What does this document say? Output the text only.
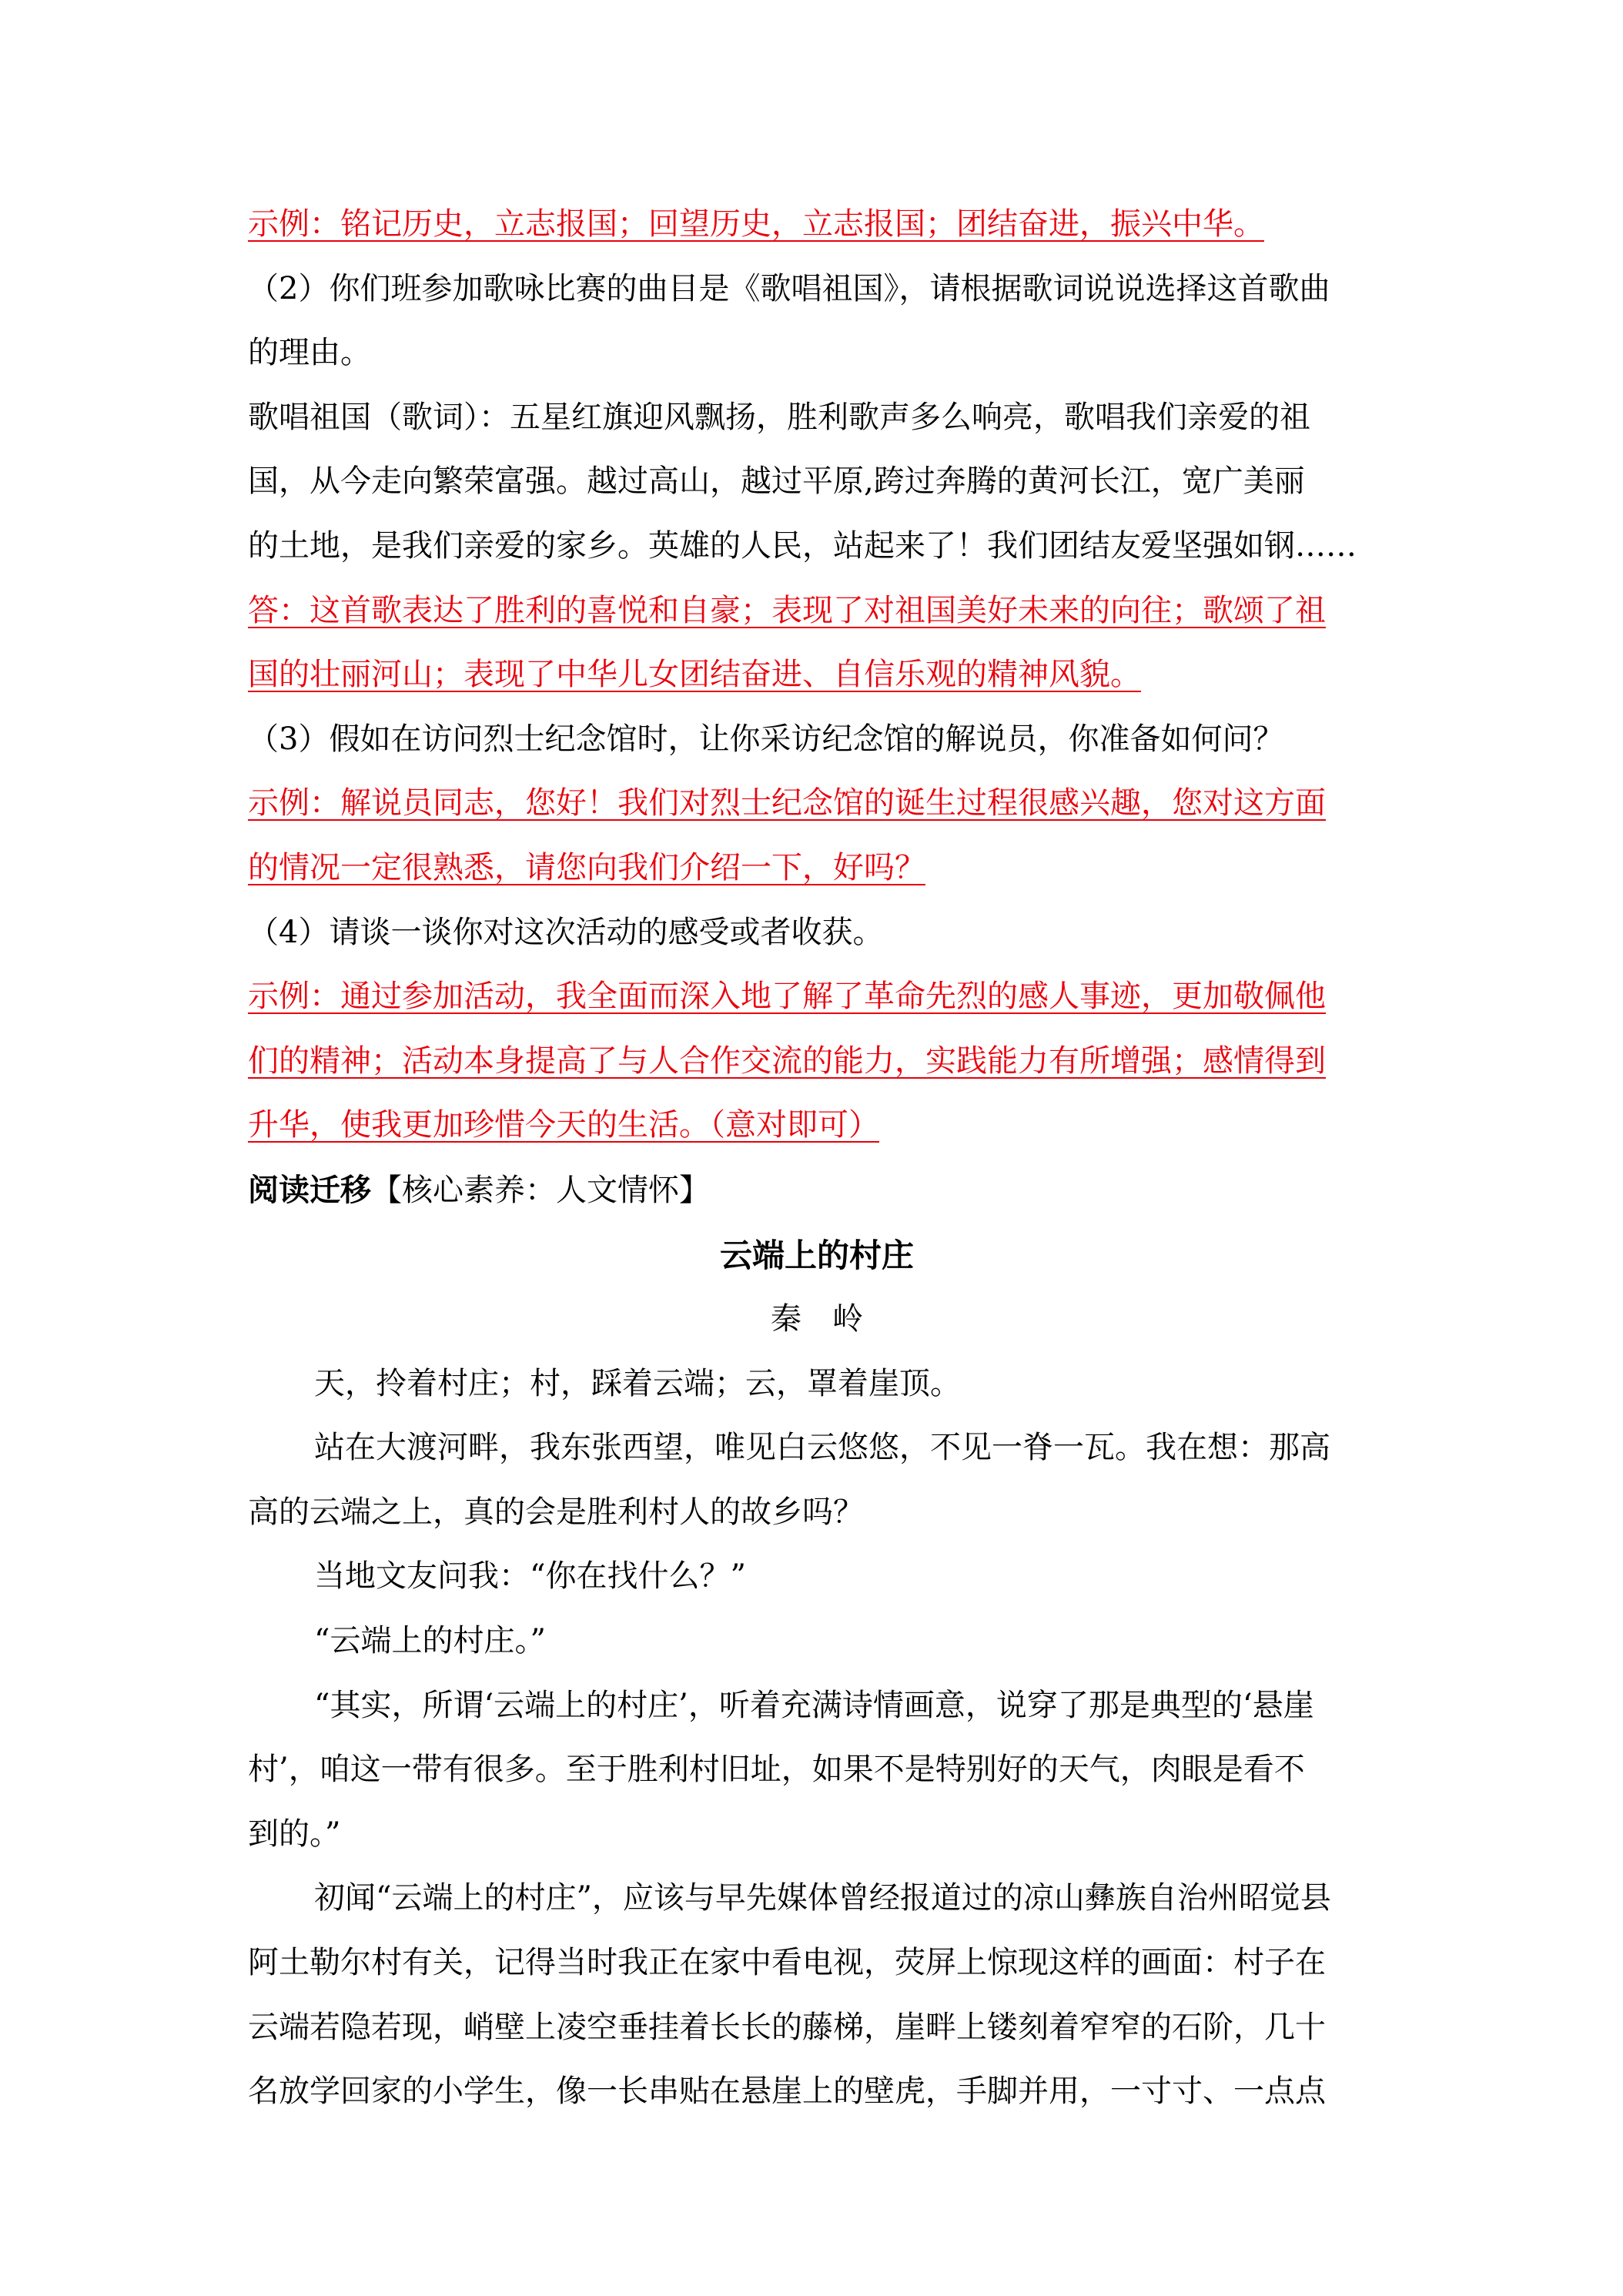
示例：铭记历史，立志报国；回望历史，立志报国；团结奋进，振兴中华。

（2）你们班参加歌咏比赛的曲目是《歌唱祖国》，请根据歌词说说选择这首歌曲

的理由。

歌唱祖国（歌词）：五星红旗迎风飘扬，胜利歌声多么响亮，歌唱我们亲爱的祖

国，从今走向繁荣富强。越过高山，越过平原,跨过奔腾的黄河长江，宽广美丽

的土地，是我们亲爱的家乡。英雄的人民，站起来了！我们团结友爱坚强如钢……

答：这首歌表达了胜利的喜悦和自豪；表现了对祖国美好未来的向往；歌颂了祖

国的壮丽河山；表现了中华儿女团结奋进、自信乐观的精神风貌。

（3）假如在访问烈士纪念馆时，让你采访纪念馆的解说员，你准备如何问？

示例：解说员同志，您好！我们对烈士纪念馆的诞生过程很感兴趣，您对这方面

的情况一定很熟悉，请您向我们介绍一下，好吗？

（4）请谈一谈你对这次活动的感受或者收获。

示例：通过参加活动，我全面而深入地了解了革命先烈的感人事迹，更加敬佩他

们的精神；活动本身提高了与人合作交流的能力，实践能力有所增强；感情得到

升华，使我更加珍惜今天的生活。（意对即可）

阅读迁移【核心素养：人文情怀】

云端上的村庄

秦　岭

天，拎着村庄；村，踩着云端；云，罩着崖顶。

站在大渡河畔，我东张西望，唯见白云悠悠，不见一脊一瓦。我在想：那高

高的云端之上，真的会是胜利村人的故乡吗？

当地文友问我：“你在找什么？”

“云端上的村庄。”

“其实，所谓‘云端上的村庄’，听着充满诗情画意，说穿了那是典型的‘悬崖

村’，咱这一带有很多。至于胜利村旧址，如果不是特别好的天气，肉眼是看不

到的。”

初闻“云端上的村庄”，应该与早先媒体曾经报道过的凉山彝族自治州昭觉县

阿土勒尔村有关，记得当时我正在家中看电视，荧屏上惊现这样的画面：村子在

云端若隐若现，峭壁上凌空垂挂着长长的藤梯，崖畔上镂刻着窄窄的石阶，几十

名放学回家的小学生，像一长串贴在悬崖上的壁虎，手脚并用，一寸寸、一点点
